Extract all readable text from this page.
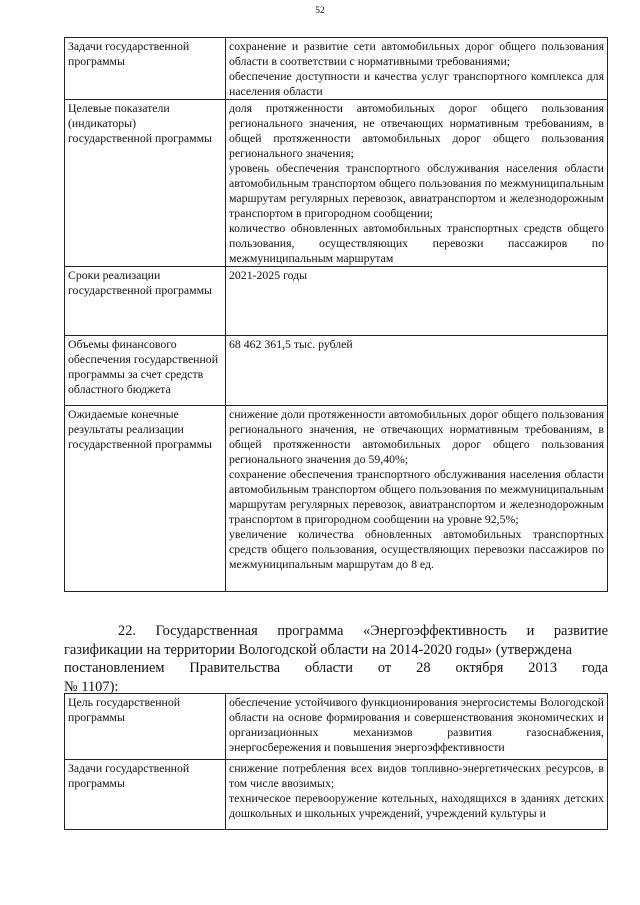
52
Задачи государственной программы	сохранение и развитие сети автомобильных дорог общего пользования области в соответствии с нормативными требованиями;

обеспечение доступности и качества услуг транспортного комплекса для населения области

Целевые показатели (индикаторы) государственной программы	доля протяженности автомобильных дорог общего пользования регионального значения, не отвечающих нормативным требованиям, в общей протяженности автомобильных дорог общего пользования регионального значения;

уровень обеспечения транспортного обслуживания населения области автомобильным транспортом общего пользования по межмуниципальным маршрутам регулярных перевозок, авиатранспортом и железнодорожным транспортом в пригородном сообщении;

количество обновленных автомобильных транспортных средств общего пользования, осуществляющих перевозки пассажиров по межмуниципальным маршрутам

Сроки реализации государственной программы	2021-2025 годы

Объемы финансового обеспечения государственной программы за счет средств областного бюджета	68 462 361,5 тыс. рублей

Ожидаемые конечные результаты реализации государственной программы	снижение доли протяженности автомобильных дорог общего пользования регионального значения, не отвечающих нормативным требованиям, в общей протяженности автомобильных дорог общего пользования регионального значения до 59,40%;

сохранение обеспечения транспортного обслуживания населения области автомобильным транспортом общего пользования по межмуниципальным маршрутам регулярных перевозок, авиатранспортом и железнодорожным транспортом в пригородном сообщении на уровне 92,5%;

увеличение количества обновленных автомобильных транспортных средств общего пользования, осуществляющих перевозки пассажиров по межмуниципальным маршрутам до 8 ед.

22. Государственная программа «Энергоэффективность и развитие газификации на территории Вологодской области на 2014-2020 годы» (утверждена

постановлением Правительства области от 28 октября 2013 года

№ 1107):

Цель государственной программы	обеспечение устойчивого функционирования энергосистемы Вологодской области на основе формирования и совершенствования экономических и организационных механизмов развития газоснабжения, энергосбережения и повышения энергоэффективности

Задачи государственной программы	снижение потребления всех видов топливно-энергетических ресурсов, в том числе ввозимых;

техническое перевооружение котельных, находящихся в зданиях детских дошкольных и школьных учреждений, учреждений культуры и
